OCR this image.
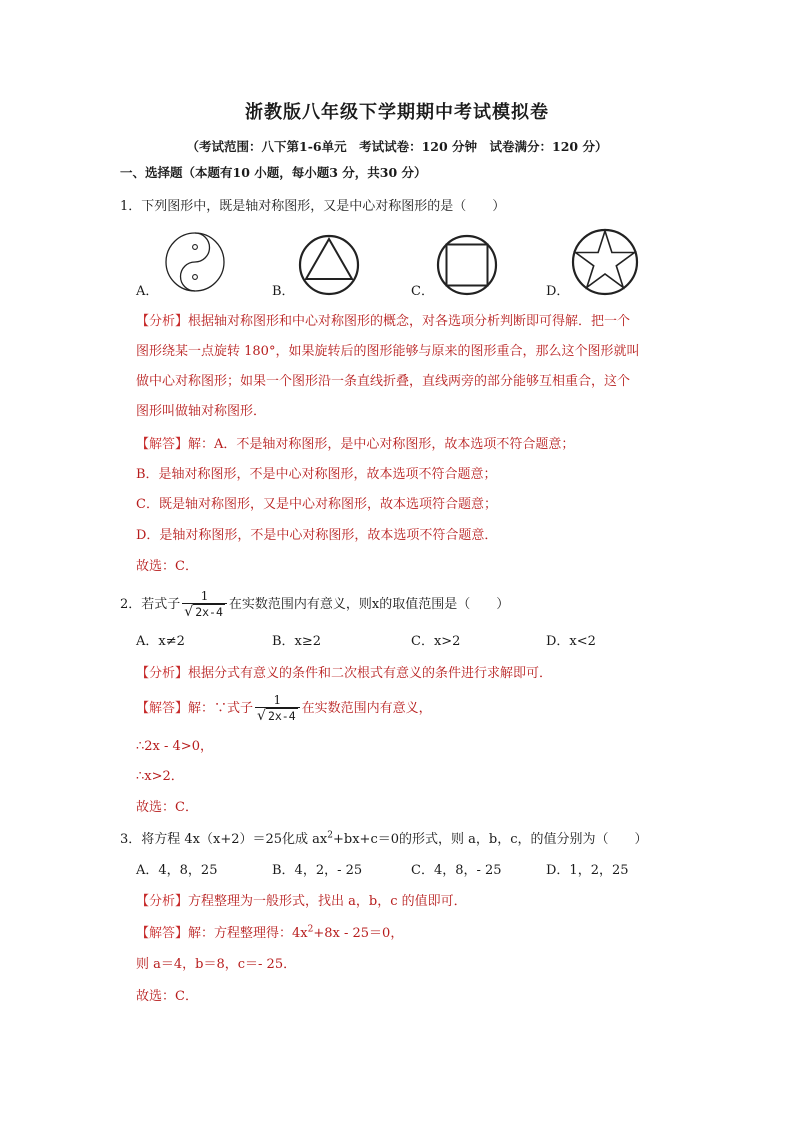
浙教版八年级下学期期中考试模拟卷
（考试范围：八下第1-6单元　考试试卷：120 分钟　试卷满分：120 分）
一、选择题（本题有10 小题，每小题3 分，共30 分）
1．下列图形中，既是轴对称图形，又是中心对称图形的是（　　）
A．	B．	C．	D．
【分析】根据轴对称图形和中心对称图形的概念，对各选项分析判断即可得解．把一个
图形绕某一点旋转 180°，如果旋转后的图形能够与原来的图形重合，那么这个图形就叫
做中心对称图形；如果一个图形沿一条直线折叠，直线两旁的部分能够互相重合，这个
图形叫做轴对称图形．
【解答】解：A．不是轴对称图形，是中心对称图形，故本选项不符合题意；
B．是轴对称图形，不是中心对称图形，故本选项不符合题意；
C．既是轴对称图形，又是中心对称图形，故本选项符合题意；
D．是轴对称图形，不是中心对称图形，故本选项不符合题意．
故选：C．
2．若式子 $\frac{1}{√ 2x-4}$ 在实数范围内有意义，则x的取值范围是（　　）
A．x≠2	B．x≥2	C．x>2	D．x<2
【分析】根据分式有意义的条件和二次根式有意义的条件进行求解即可．
【解答】解：∵式子 $\frac{1}{√ 2x-4}$ 在实数范围内有意义，
∴2x - 4>0，
∴x>2．
故选：C．
3．将方程 4x（x+2）＝25化成 $ax^2+bx+c=0$的形式，则 a，b，c，的值分别为（　　）
A．4，8，25	B．4，2，- 25	C．4，8，- 25	D．1，2，25
【分析】方程整理为一般形式，找出 a，b，c 的值即可．
【解答】解：方程整理得：$4x^2+8x - 25=0$，
则 a＝4，b＝8，c＝- 25．
故选：C．
